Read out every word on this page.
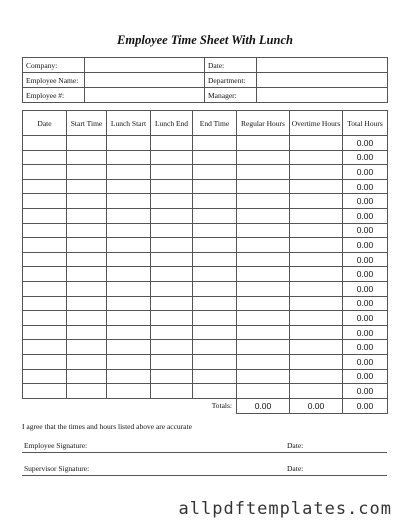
Employee Time Sheet With Lunch
Company:		Date:	
Employee Name:		Department:	
Employee #:		Manager:	
Date	Start Time	Lunch Start	Lunch End	End Time	Regular Hours	Overtime Hours	Total Hours
							0.00
							0.00
							0.00
							0.00
							0.00
							0.00
							0.00
							0.00
							0.00
							0.00
							0.00
							0.00
							0.00
							0.00
							0.00
							0.00
							0.00
							0.00
Totals:					0.00	0.00	0.00
I agree that the times and hours listed above are accurate
Employee Signature:	Date:
Supervisor Signature:	Date:
allpdftemplates.com
